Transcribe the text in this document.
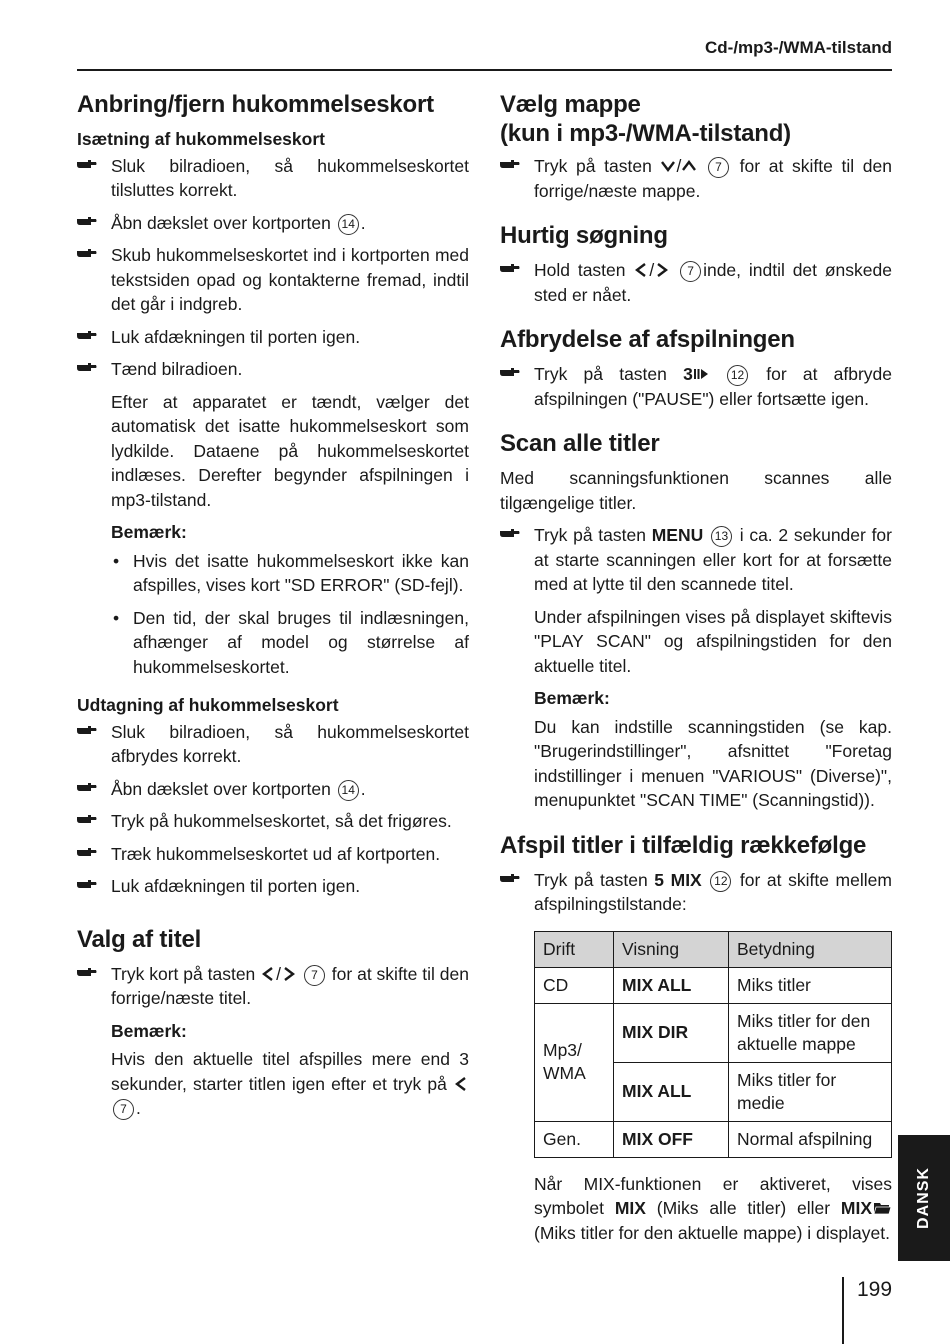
Cd-/mp3-/WMA-tilstand
Anbring/fjern hukommelseskort
Isætning af hukommelseskort
Sluk bilradioen, så hukommelseskortet tilsluttes korrekt.
Åbn dækslet over kortporten 14 .
Skub hukommelseskortet ind i kortporten med tekstsiden opad og kontakterne fremad, indtil det går i indgreb.
Luk afdækningen til porten igen.
Tænd bilradioen.
Efter at apparatet er tændt, vælger det automatisk det isatte hukommelseskort som lydkilde. Dataene på hukommelseskortet indlæses. Derefter begynder afspilningen i mp3-tilstand.
Bemærk:
• Hvis det isatte hukommelseskort ikke kan afspilles, vises kort "SD ERROR" (SD-fejl).
• Den tid, der skal bruges til indlæsningen, afhænger af model og størrelse af hukommelseskortet.
Udtagning af hukommelseskort
Sluk bilradioen, så hukommelseskortet afbrydes korrekt.
Åbn dækslet over kortporten 14 .
Tryk på hukommelseskortet, så det frigøres.
Træk hukommelseskortet ud af kortporten.
Luk afdækningen til porten igen.
Valg af titel
Tryk kort på tasten /	7 for at skifte til den forrige/næste titel.
Bemærk:
Hvis den aktuelle titel afspilles mere end 3 sekunder, starter titlen igen efter et tryk på 7 .
Vælg mappe
(kun i mp3-/WMA-tilstand)
Tryk på tasten /	7 for at skifte til den forrige/næste mappe.
Hurtig søgning
Hold tasten /	7 inde, indtil det ønskede sted er nået.
Afbrydelse af afspilningen
Tryk på tasten 3	12 for at afbryde afspilningen ("PAUSE") eller fortsætte igen.
Scan alle titler
Med scanningsfunktionen scannes alle tilgængelige titler.
Tryk på tasten MENU 13 i ca. 2 sekunder for at starte scanningen eller kort for at forsætte med at lytte til den scannede titel.
Under afspilningen vises på displayet skiftevis "PLAY SCAN" og afspilningstiden for den aktuelle titel.
Bemærk:
Du kan indstille scanningstiden (se kap. "Brugerindstillinger", afsnittet "Foretag indstillinger i menuen "VARIOUS" (Diverse)", menupunktet "SCAN TIME" (Scanningstid)).
Afspil titler i tilfældig rækkefølge
Tryk på tasten 5 MIX 12 for at skifte mellem afspilningstilstande:
Drift	Visning	Betydning
CD	MIX ALL	Miks titler
Mp3/ WMA	MIX DIR	Miks titler for den aktuelle mappe
	MIX ALL	Miks titler for medie
Gen.	MIX OFF	Normal afspilning
Når MIX-funktionen er aktiveret, vises symbolet MIX (Miks alle titler) eller MIX (Miks titler for den aktuelle mappe) i displayet.
DANSK
199
